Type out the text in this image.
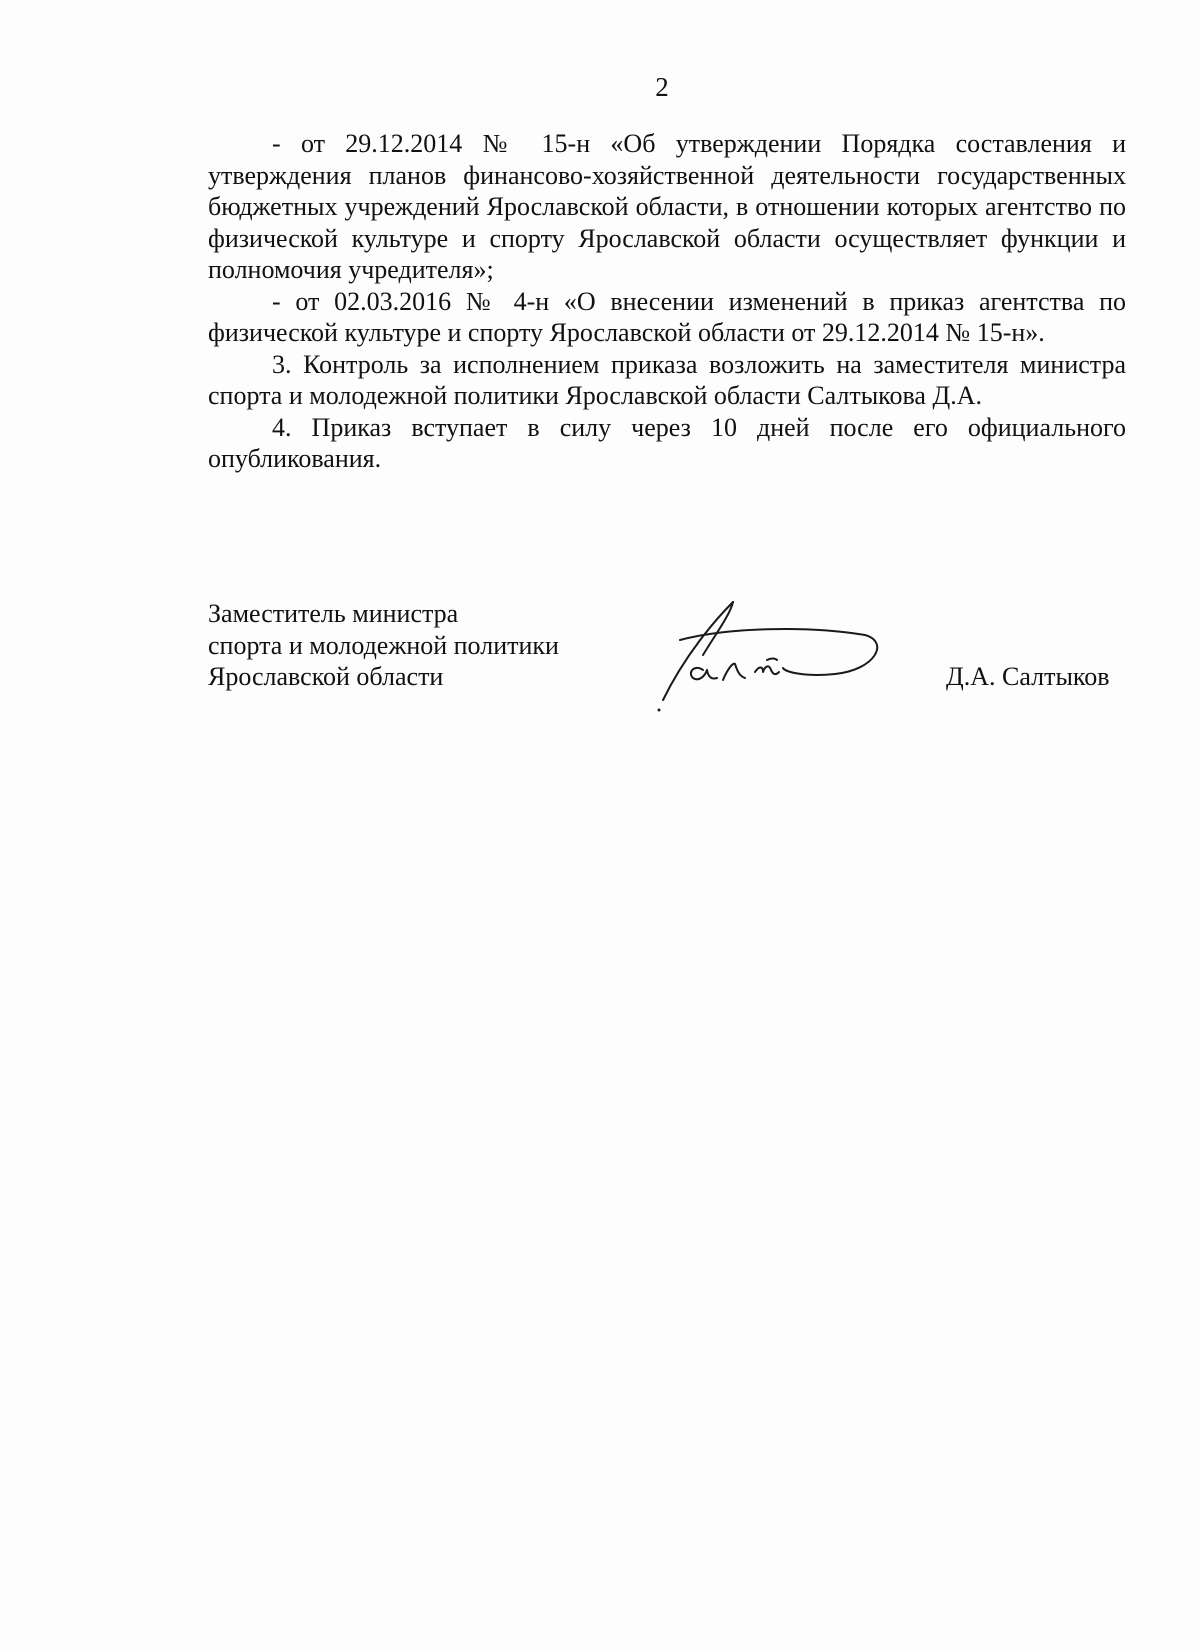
2

- от 29.12.2014 № 15-н «Об утверждении Порядка составления и утверждения планов финансово-хозяйственной деятельности государственных бюджетных учреждений Ярославской области, в отношении которых агентство по физической культуре и спорту Ярославской области осуществляет функции и полномочия учредителя»;

- от 02.03.2016 № 4-н «О внесении изменений в приказ агентства по физической культуре и спорту Ярославской области от 29.12.2014 № 15-н».

3. Контроль за исполнением приказа возложить на заместителя министра спорта и молодежной политики Ярославской области Салтыкова Д.А.

4. Приказ вступает в силу через 10 дней после его официального опубликования.

Заместитель министра
спорта и молодежной политики
Ярославской области	Д.А. Салтыков
